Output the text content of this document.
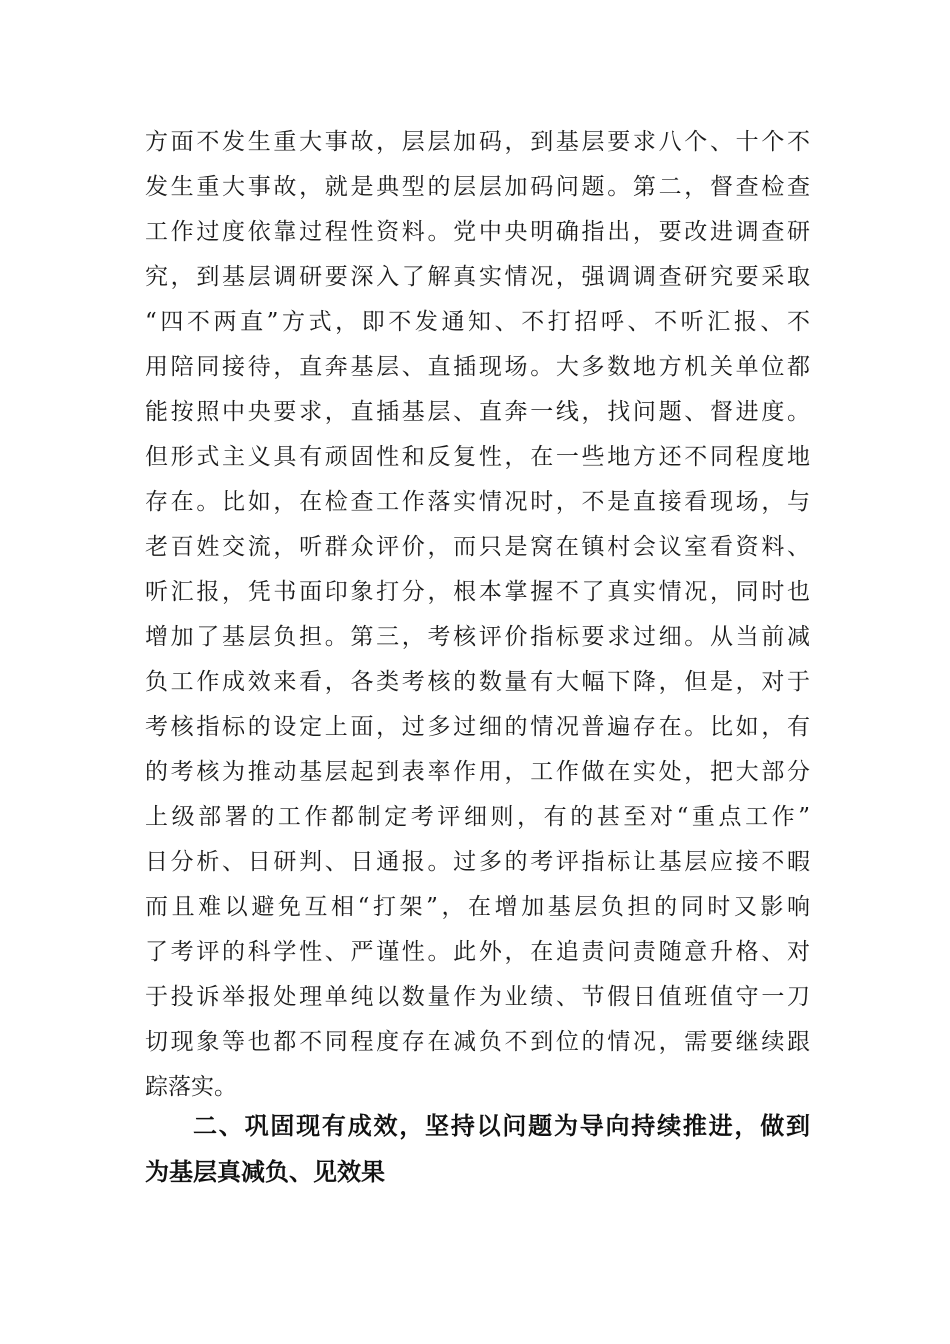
方面不发生重大事故，层层加码，到基层要求八个、十个不
发生重大事故，就是典型的层层加码问题。第二，督查检查
工作过度依靠过程性资料。党中央明确指出，要改进调查研
究，到基层调研要深入了解真实情况，强调调查研究要采取
“四不两直”方式，即不发通知、不打招呼、不听汇报、不
用陪同接待，直奔基层、直插现场。大多数地方机关单位都
能按照中央要求，直插基层、直奔一线，找问题、督进度。
但形式主义具有顽固性和反复性，在一些地方还不同程度地
存在。比如，在检查工作落实情况时，不是直接看现场，与
老百姓交流，听群众评价，而只是窝在镇村会议室看资料、
听汇报，凭书面印象打分，根本掌握不了真实情况，同时也
增加了基层负担。第三，考核评价指标要求过细。从当前减
负工作成效来看，各类考核的数量有大幅下降，但是，对于
考核指标的设定上面，过多过细的情况普遍存在。比如，有
的考核为推动基层起到表率作用，工作做在实处，把大部分
上级部署的工作都制定考评细则，有的甚至对“重点工作”
日分析、日研判、日通报。过多的考评指标让基层应接不暇
而且难以避免互相“打架”，在增加基层负担的同时又影响
了考评的科学性、严谨性。此外，在追责问责随意升格、对
于投诉举报处理单纯以数量作为业绩、节假日值班值守一刀
切现象等也都不同程度存在减负不到位的情况，需要继续跟
踪落实。
二、巩固现有成效，坚持以问题为导向持续推进，做到
为基层真减负、见效果
